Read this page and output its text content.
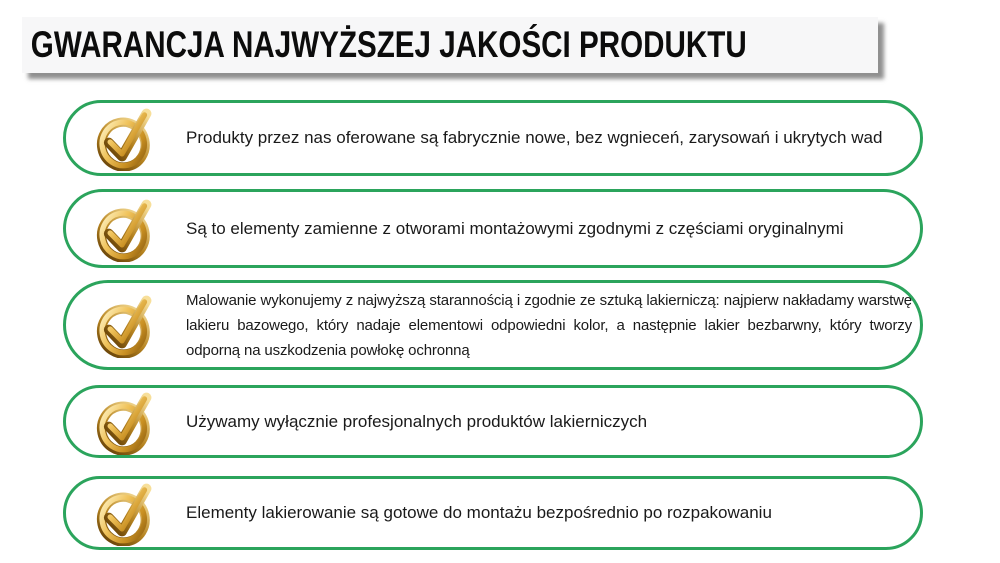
GWARANCJA NAJWYŻSZEJ JAKOŚCI PRODUKTU

Produkty przez nas oferowane są fabrycznie nowe, bez wgnieceń, zarysowań i ukrytych wad

Są to elementy zamienne z otworami montażowymi zgodnymi z częściami oryginalnymi

Malowanie wykonujemy z najwyższą starannością i zgodnie ze sztuką lakierniczą: najpierw nakładamy warstwę lakieru bazowego, który nadaje elementowi odpowiedni kolor, a następnie lakier bezbarwny, który tworzy odporną na uszkodzenia powłokę ochronną

Używamy wyłącznie profesjonalnych produktów lakierniczych

Elementy lakierowanie są gotowe do montażu bezpośrednio po rozpakowaniu
